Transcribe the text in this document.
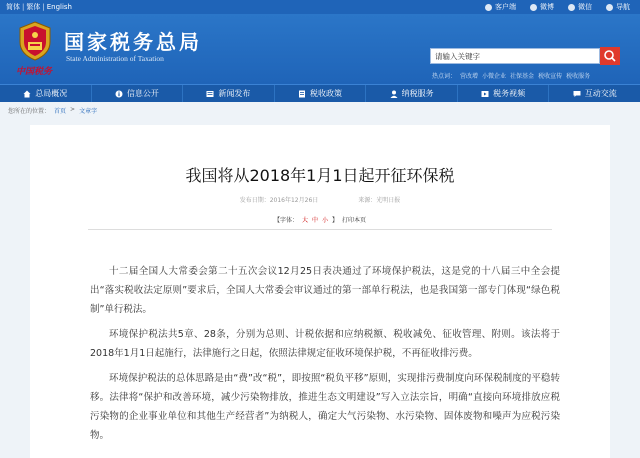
简体 | 繁体 | English	客户端	微博	微信	导航
国家税务总局
State Administration of Taxation
中国税务
请输入关键字
热点词： 营改增 小微企业 社保基金 税收宣传 税收服务
总局概况	信息公开	新闻发布	税收政策	纳税服务	税务视频	互动交流
您所在的位置： 首页 > 文章字
我国将从2018年1月1日起开征环保税
发布日期：2016年12月26日	来源：光明日报
【字体： 大 中 小 】 打印本页

十二届全国人大常委会第二十五次会议12月25日表决通过了环境保护税法，这是党的十八届三中全会提出“落实税收法定原则”要求后，全国人大常委会审议通过的第一部单行税法，也是我国第一部专门体现“绿色税制”单行税法。

环境保护税法共5章、28条，分别为总则、计税依据和应纳税额、税收减免、征收管理、附则。该法将于2018年1月1日起施行，法律施行之日起，依照法律规定征收环境保护税，不再征收排污费。

环境保护税法的总体思路是由“费”改“税”，即按照“税负平移”原则，实现排污费制度向环保税制度的平稳转移。法律将“保护和改善环境，减少污染物排放，推进生态文明建设”写入立法宗旨，明确“直接向环境排放应税污染物的企业事业单位和其他生产经营者”为纳税人，确定大气污染物、水污染物、固体废物和噪声为应税污染物。
